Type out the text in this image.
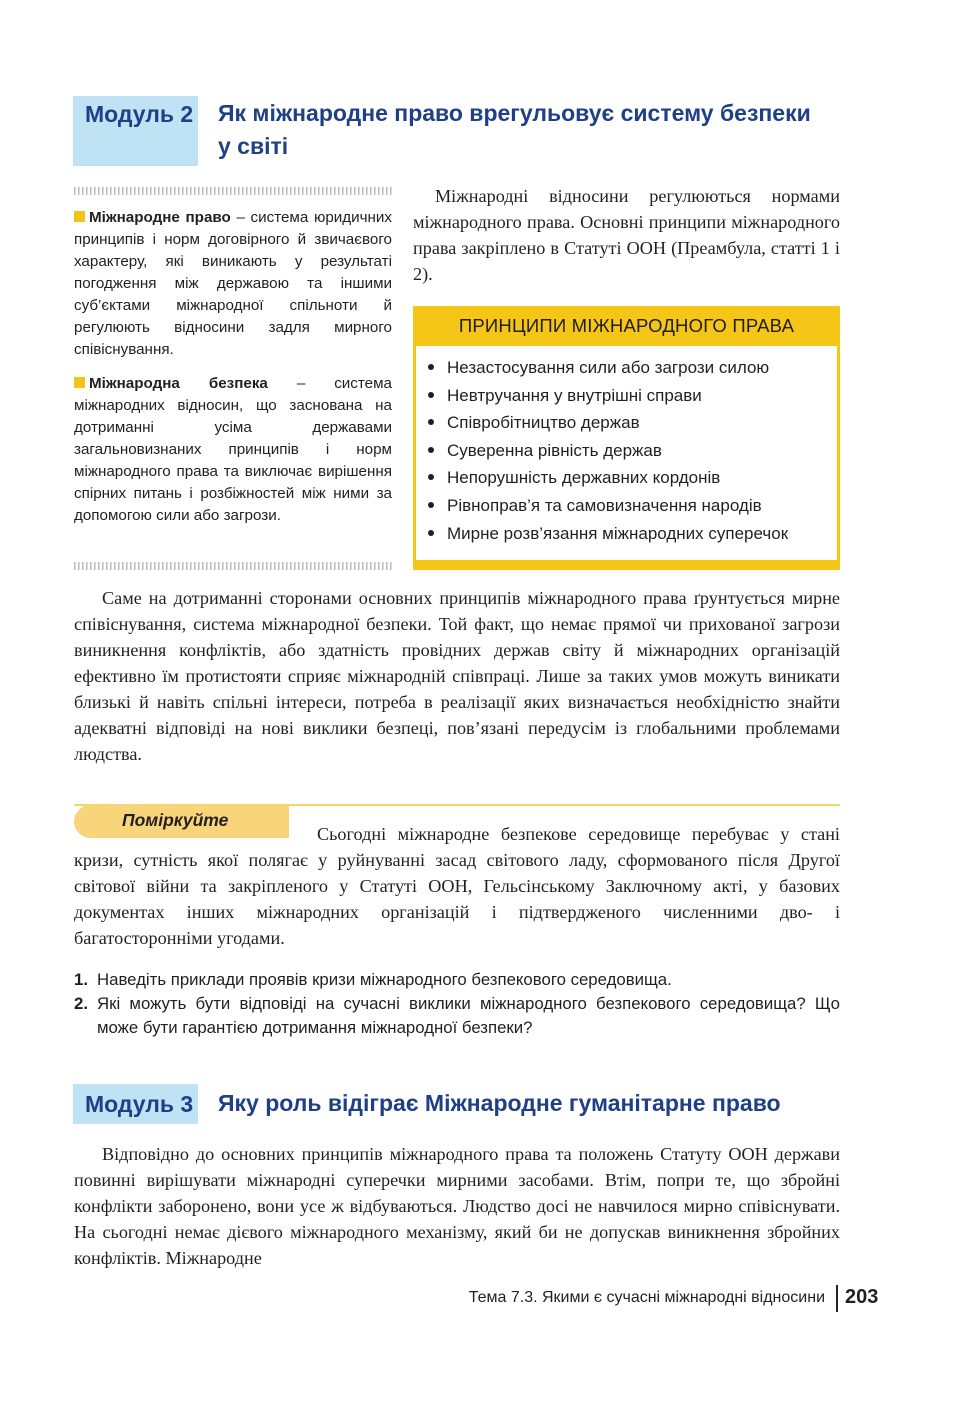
Модуль 2 Як міжнародне право врегульовує систему безпеки
у світі
Міжнародне право – система юридичних принципів і норм договірного й звичаєвого характеру, які виникають у результаті погодження між державою та іншими суб’єктами міжнародної спільноти й регулюють відносини задля мирного співіснування.
Міжнародна безпека – система міжнародних відносин, що заснована на дотриманні усіма державами загальновизнаних принципів і норм міжнародного права та виключає вирішення спірних питань і розбіжностей між ними за допомогою сили або загрози.
Міжнародні відносини регулюються нормами міжнародного права. Основні принципи міжнародного права закріплено в Статуті ООН (Преамбула, статті 1 і 2).
ПРИНЦИПИ МІЖНАРОДНОГО ПРАВА
Незастосування сили або загрози силою
Невтручання у внутрішні справи
Співробітництво держав
Суверенна рівність держав
Непорушність державних кордонів
Рівноправ’я та самовизначення народів
Мирне розв’язання міжнародних суперечок
Саме на дотриманні сторонами основних принципів міжнародного права ґрунтується мирне співіснування, система міжнародної безпеки. Той факт, що немає прямої чи прихованої загрози виникнення конфліктів, або здатність провідних держав світу й міжнародних організацій ефективно їм протистояти сприяє міжнародній співпраці. Лише за таких умов можуть виникати близькі й навіть спільні інтереси, потреба в реалізації яких визначається необхідністю знайти адекватні відповіді на нові виклики безпеці, пов’язані передусім із глобальними проблемами людства.
Поміркуйте
Сьогодні міжнародне безпекове середовище перебуває у стані кризи, сутність якої полягає у руйнуванні засад світового ладу, сформованого після Другої світової війни та закріпленого у Статуті ООН, Гельсінському Заключному акті, у базових документах інших міжнародних організацій і підтвердженого численними дво- і багатосторонніми угодами.
1. Наведіть приклади проявів кризи міжнародного безпекового середовища.
2. Які можуть бути відповіді на сучасні виклики міжнародного безпекового середовища? Що може бути гарантією дотримання міжнародної безпеки?
Модуль 3 Яку роль відіграє Міжнародне гуманітарне право
Відповідно до основних принципів міжнародного права та положень Статуту ООН держави повинні вирішувати міжнародні суперечки мирними засобами. Втім, попри те, що збройні конфлікти заборонено, вони усе ж відбуваються. Людство досі не навчилося мирно співіснувати. На сьогодні немає дієвого міжнародного механізму, який би не допускав виникнення збройних конфліктів. Міжнародне
Тема 7.3. Якими є сучасні міжнародні відносини 203
